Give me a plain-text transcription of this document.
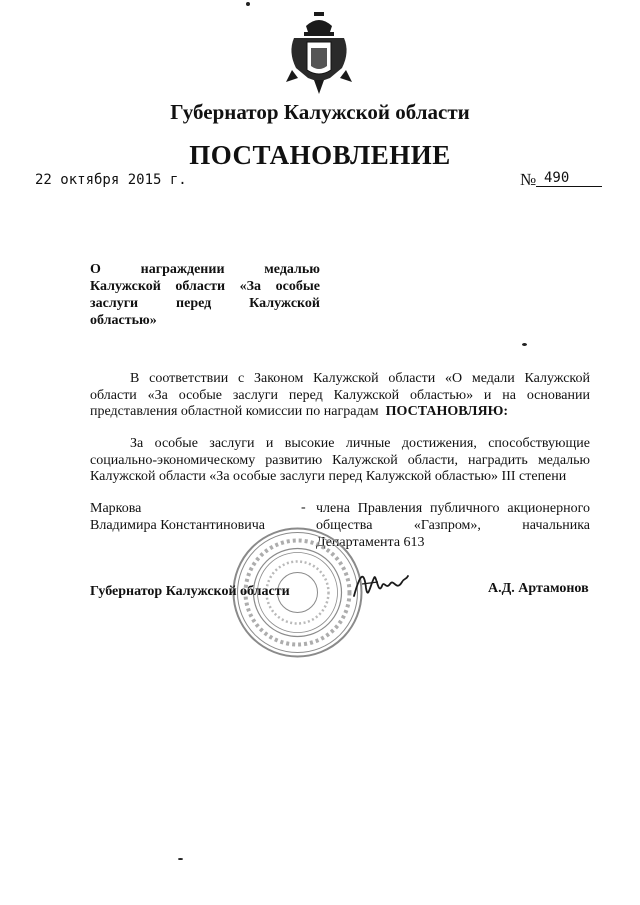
Губернатор Калужской области
ПОСТАНОВЛЕНИЕ
22 октября 2015 г.	№ 490
О награждении медалью
Калужской области «За особые
заслуги перед Калужской
областью»
В соответствии с Законом Калужской области «О медали Калужской области «За особые заслуги перед Калужской областью» и на основании представления областной комиссии по наградам ПОСТАНОВЛЯЮ:
За особые заслуги и высокие личные достижения, способствующие социально-экономическому развитию Калужской области, наградить медалью Калужской области «За особые заслуги перед Калужской областью» III степени
Маркова
Владимира Константиновича
- члена Правления публичного акционерного общества «Газпром», начальника Департамента 613
Губернатор Калужской области	А.Д. Артамонов
